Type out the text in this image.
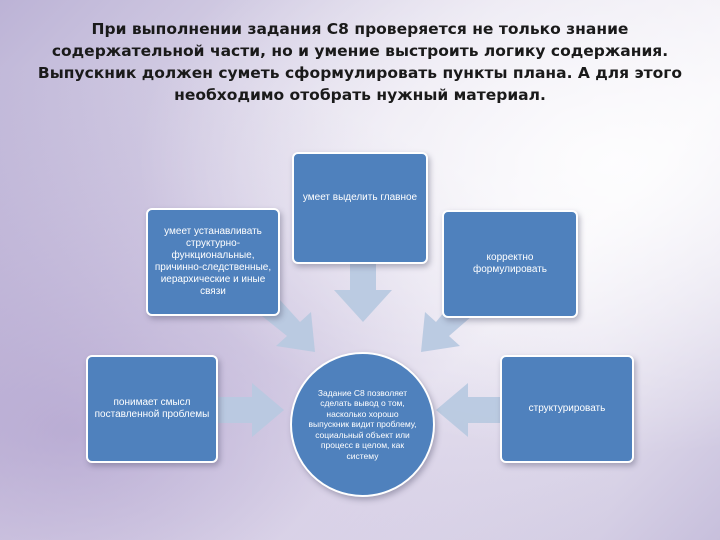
При выполнении задания С8 проверяется не только знание содержательной части, но и умение выстроить логику содержания. Выпускник должен суметь сформулировать пункты плана. А для этого необходимо отобрать нужный материал.

умеет выделить главное
умеет устанавливать структурно-функциональные, причинно-следственные, иерархические и иные связи
корректно формулировать
понимает смысл поставленной проблемы
структурировать
Задание С8 позволяет сделать вывод о том, насколько хорошо выпускник видит проблему, социальный объект или процесс в целом, как систему
